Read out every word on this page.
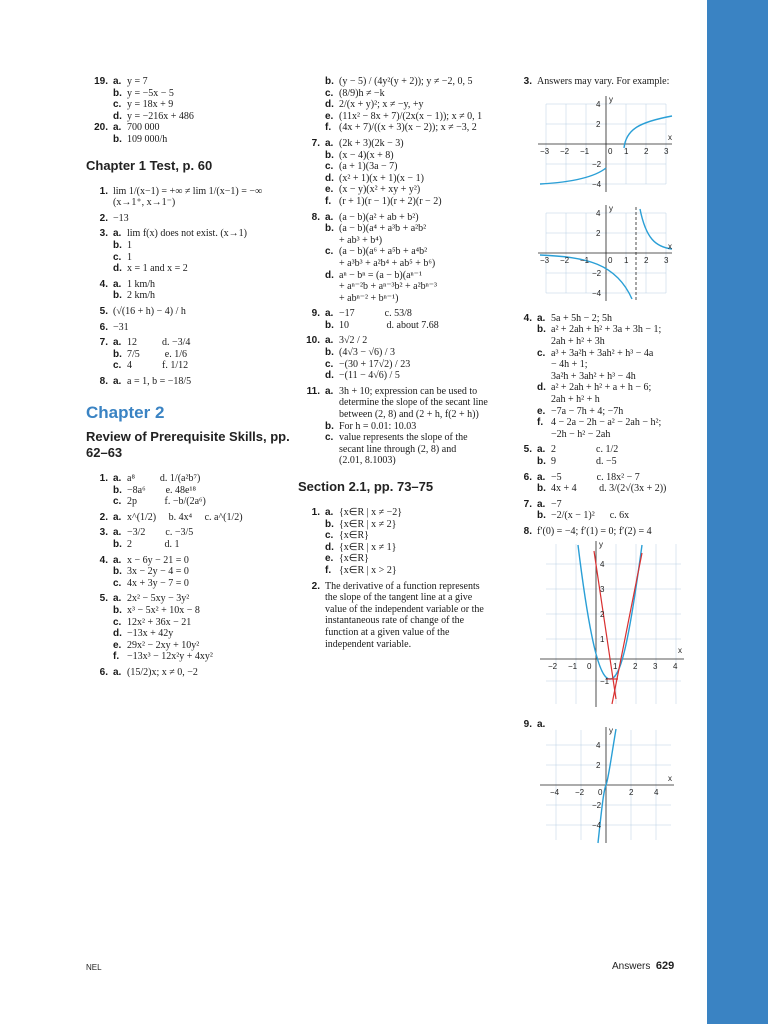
19. a. y = 7
b. y = −5x − 5
c. y = 18x + 9
d. y = −216x + 486
20. a. 700 000
b. 109 000/h
Chapter 1 Test, p. 60
1. lim 1/(x−1) = +∞ ≠ lim 1/(x−1) = −∞  (x→1⁺, x→1⁻)
2. −13
3. a. lim f(x) does not exist. (x→1)
b. 1
c. 1
d. x = 1 and x = 2
4. a. 1 km/h
b. 2 km/h
5. (√(16 + h) − 4) / h
6. −31
7. a. 12          d. −3/4
b. 7/5          e. 1/6
c. 4            f. 1/12
8. a. a = 1, b = −18/5
Chapter 2
Review of Prerequisite Skills, pp. 62–63
1. a. a⁸          d. 1/(a²b⁷)
b. −8a⁶        e. 48e¹⁸
c. 2p           f. −b/(2a⁶)
2. a. x^(1/2)     b. 4x⁴     c. a^(1/2)
3. a. −3/2        c. −3/5
b. 2             d. 1
4. a. x − 6y − 21 = 0
b. 3x − 2y − 4 = 0
c. 4x + 3y − 7 = 0
5. a. 2x² − 5xy − 3y²
b. x³ − 5x² + 10x − 8
c. 12x² + 36x − 21
d. −13x + 42y
e. 29x² − 2xy + 10y²
f. −13x³ − 12x²y + 4xy²
6. a. (15/2)x; x ≠ 0, −2
b. (y − 5) / (4y²(y + 2)); y ≠ −2, 0, 5
c. (8/9)h ≠ −k
d. 2/(x + y)²; x ≠ −y, +y
e. (11x² − 8x + 7)/(2x(x − 1)); x ≠ 0, 1
f. (4x + 7)/((x + 3)(x − 2)); x ≠ −3, 2
7. a. (2k + 3)(2k − 3)
b. (x − 4)(x + 8)
c. (a + 1)(3a − 7)
d. (x² + 1)(x + 1)(x − 1)
e. (x − y)(x² + xy + y²)
f. (r + 1)(r − 1)(r + 2)(r − 2)
8. a. (a − b)(a² + ab + b²)
b. (a − b)(a⁴ + a³b + a²b²
+ ab³ + b⁴)
c. (a − b)(a⁶ + a⁵b + a⁴b²
+ a³b³ + a²b⁴ + ab⁵ + b⁶)
d. aⁿ − bⁿ = (a − b)(aⁿ⁻¹
+ aⁿ⁻²b + aⁿ⁻³b² + a²bⁿ⁻³
+ abⁿ⁻² + bⁿ⁻¹)
9. a. −17            c. 53/8
b. 10               d. about 7.68
10. a. 3√2 / 2
b. (4√3 − √6) / 3
c. −(30 + 17√2) / 23
d. −(11 − 4√6) / 5
11. a. 3h + 10; expression can be used to
determine the slope of the secant line
between (2, 8) and (2 + h, f(2 + h))
b. For h = 0.01: 10.03
c. value represents the slope of the
secant line through (2, 8) and
(2.01, 8.1003)
Section 2.1, pp. 73–75
1. a. {x∈R | x ≠ −2}
b. {x∈R | x ≠ 2}
c. {x∈R}
d. {x∈R | x ≠ 1}
e. {x∈R}
f. {x∈R | x > 2}
2. The derivative of a function represents
the slope of the tangent line at a give
value of the independent variable or the
instantaneous rate of change of the
function at a given value of the
independent variable.
3. Answers may vary. For example:
x
y
−3 −2 −1 0 1 2 3
4
2
−2
−4
x
y
−3 −2 −1 0 1 2 3
4
2
−2
−4
4. a. 5a + 5h − 2; 5h
b. a² + 2ah + h² + 3a + 3h − 1;
2ah + h² + 3h
c. a³ + 3a²h + 3ah² + h³ − 4a
− 4h + 1;
3a²h + 3ah² + h³ − 4h
d. a² + 2ah + h² + a + h − 6;
2ah + h² + h
e. −7a − 7h + 4; −7h
f. 4 − 2a − 2h − a² − 2ah − h²;
−2h − h² − 2ah
5. a. 2                c. 1/2
b. 9                d. −5
6. a. −5              c. 18x² − 7
b. 4x + 4         d. 3/(2√(3x + 2))
7. a. −7
b. −2/(x − 1)²      c. 6x
8. f′(0) = −4; f′(1) = 0; f′(2) = 4
x
y
−2 −1 0	1 2 3 4
4
3
2
1
−1
9. a.
x
y
−4 −2 0	2	4
4
2
−2
−4
NEL	Answers 629
